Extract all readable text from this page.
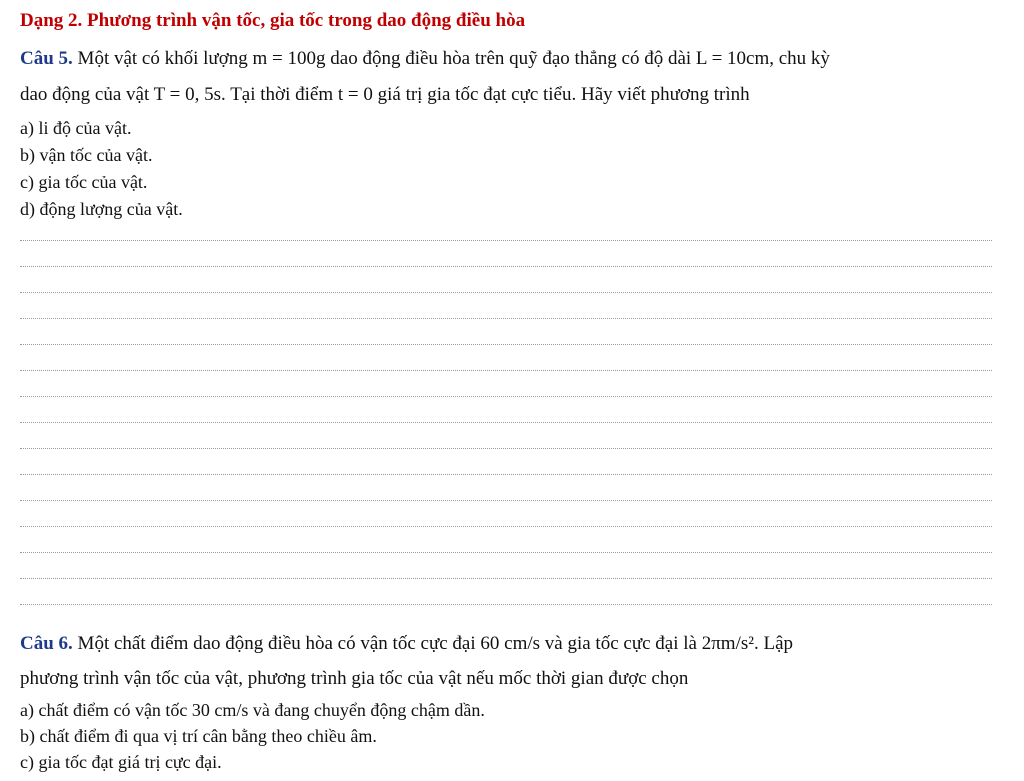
Dạng 2. Phương trình vận tốc, gia tốc trong dao động điều hòa
Câu 5. Một vật có khối lượng m = 100g dao động điều hòa trên quỹ đạo thẳng có độ dài L = 10cm, chu kỳ
dao động của vật T = 0, 5s. Tại thời điểm t = 0 giá trị gia tốc đạt cực tiểu. Hãy viết phương trình
a) li độ của vật.
b) vận tốc của vật.
c) gia tốc của vật.
d) động lượng của vật.
Câu 6. Một chất điểm dao động điều hòa có vận tốc cực đại 60 cm/s và gia tốc cực đại là 2πm/s². Lập
phương trình vận tốc của vật, phương trình gia tốc của vật nếu mốc thời gian được chọn
a) chất điểm có vận tốc 30 cm/s và đang chuyển động chậm dần.
b) chất điểm đi qua vị trí cân bằng theo chiều âm.
c) gia tốc đạt giá trị cực đại.
